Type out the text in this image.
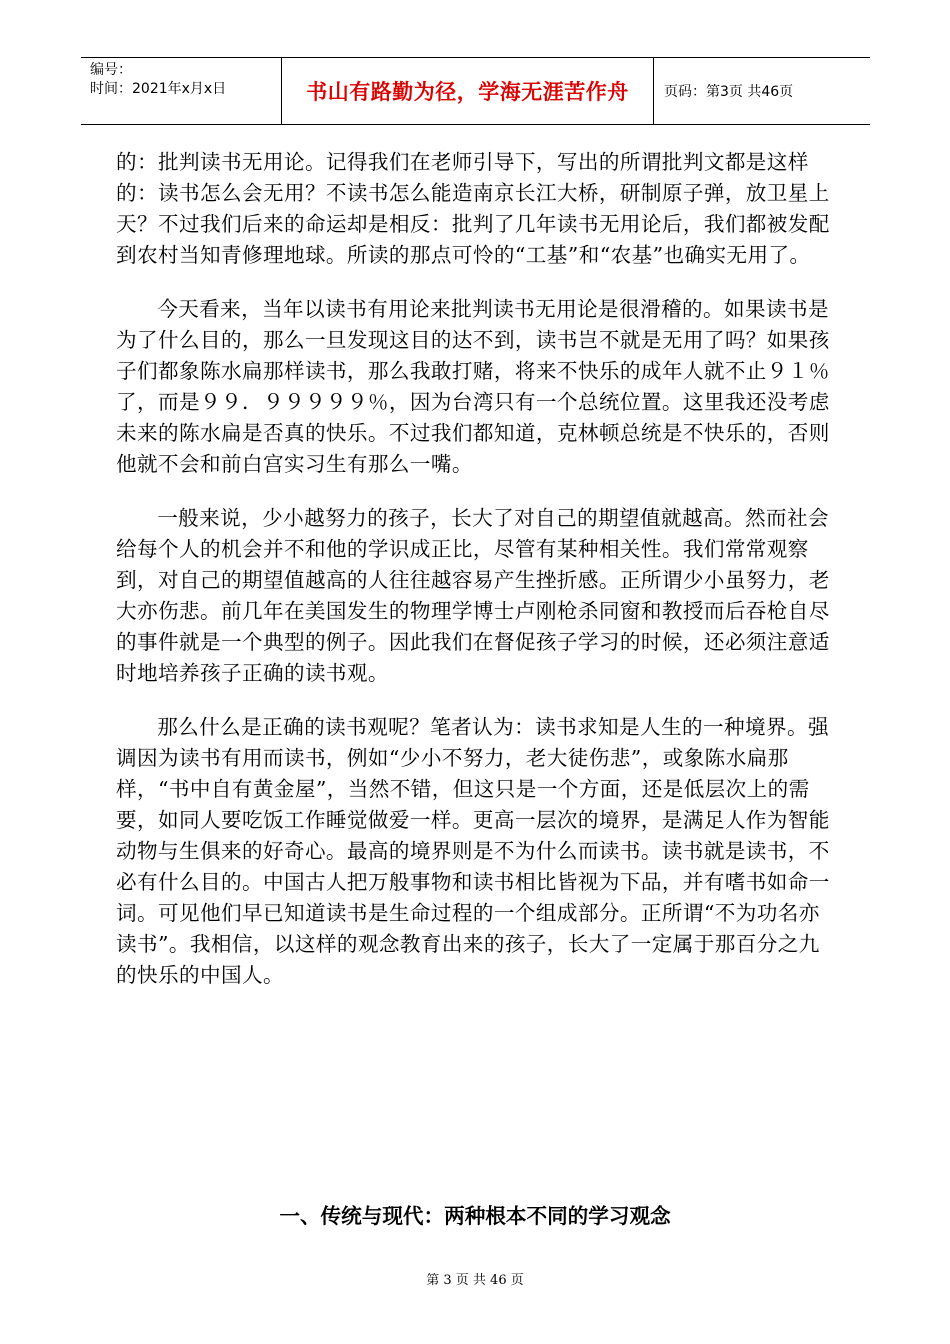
编号：
时间：2021年x月x日	书山有路勤为径，学海无涯苦作舟	页码：第3页 共46页

的：批判读书无用论。记得我们在老师引导下，写出的所谓批判文都是这样的：读书怎么会无用？不读书怎么能造南京长江大桥，研制原子弹，放卫星上天？不过我们后来的命运却是相反：批判了几年读书无用论后，我们都被发配到农村当知青修理地球。所读的那点可怜的“工基”和“农基”也确实无用了。

今天看来，当年以读书有用论来批判读书无用论是很滑稽的。如果读书是为了什么目的，那么一旦发现这目的达不到，读书岂不就是无用了吗？如果孩子们都象陈水扁那样读书，那么我敢打赌，将来不快乐的成年人就不止９１％了，而是９９．９９９９９％，因为台湾只有一个总统位置。这里我还没考虑未来的陈水扁是否真的快乐。不过我们都知道，克林顿总统是不快乐的，否则他就不会和前白宫实习生有那么一嘴。

一般来说，少小越努力的孩子，长大了对自己的期望值就越高。然而社会给每个人的机会并不和他的学识成正比，尽管有某种相关性。我们常常观察到，对自己的期望值越高的人往往越容易产生挫折感。正所谓少小虽努力，老大亦伤悲。前几年在美国发生的物理学博士卢刚枪杀同窗和教授而后吞枪自尽的事件就是一个典型的例子。因此我们在督促孩子学习的时候，还必须注意适时地培养孩子正确的读书观。

那么什么是正确的读书观呢？笔者认为：读书求知是人生的一种境界。强调因为读书有用而读书，例如“少小不努力，老大徒伤悲”，或象陈水扁那样，“书中自有黄金屋”，当然不错，但这只是一个方面，还是低层次上的需要，如同人要吃饭工作睡觉做爱一样。更高一层次的境界，是满足人作为智能动物与生俱来的好奇心。最高的境界则是不为什么而读书。读书就是读书，不必有什么目的。中国古人把万般事物和读书相比皆视为下品，并有嗜书如命一词。可见他们早已知道读书是生命过程的一个组成部分。正所谓“不为功名亦读书”。我相信，以这样的观念教育出来的孩子，长大了一定属于那百分之九的快乐的中国人。

一、传统与现代：两种根本不同的学习观念
第 3 页 共 46 页
